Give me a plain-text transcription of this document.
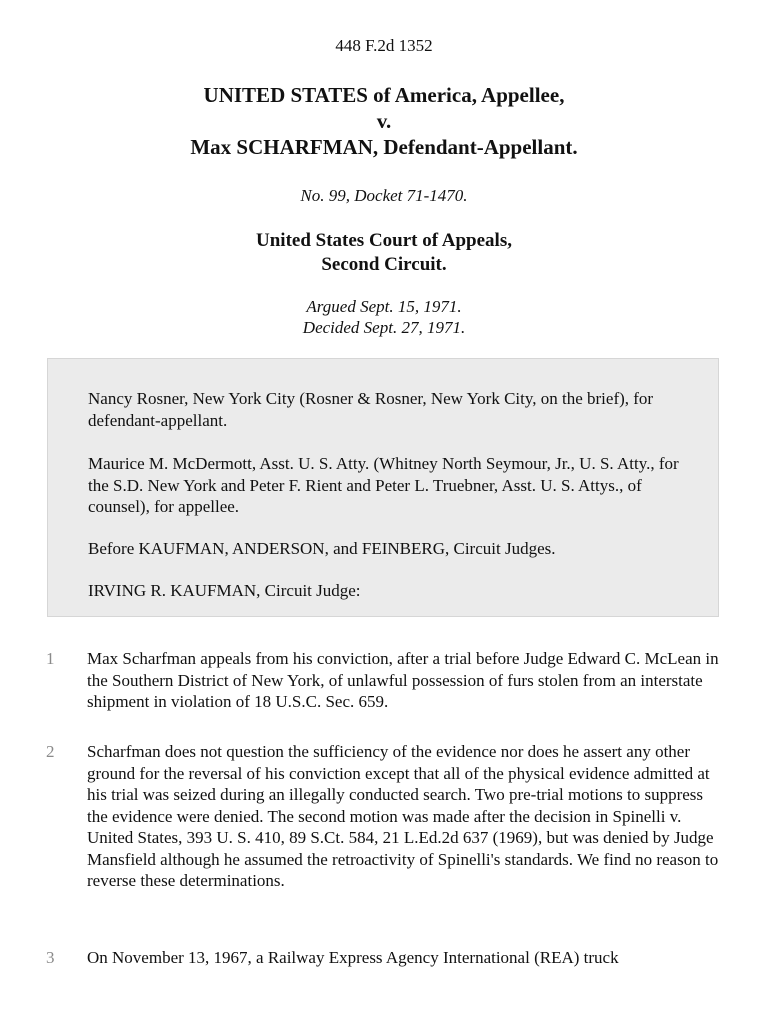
448 F.2d 1352
UNITED STATES of America, Appellee,
v.
Max SCHARFMAN, Defendant-Appellant.
No. 99, Docket 71-1470.
United States Court of Appeals,
Second Circuit.
Argued Sept. 15, 1971.
Decided Sept. 27, 1971.

Nancy Rosner, New York City (Rosner & Rosner, New York City, on the brief), for defendant-appellant.

Maurice M. McDermott, Asst. U. S. Atty. (Whitney North Seymour, Jr., U. S. Atty., for the S.D. New York and Peter F. Rient and Peter L. Truebner, Asst. U. S. Attys., of counsel), for appellee.

Before KAUFMAN, ANDERSON, and FEINBERG, Circuit Judges.

IRVING R. KAUFMAN, Circuit Judge:

1 Max Scharfman appeals from his conviction, after a trial before Judge Edward C. McLean in the Southern District of New York, of unlawful possession of furs stolen from an interstate shipment in violation of 18 U.S.C. Sec. 659.

2 Scharfman does not question the sufficiency of the evidence nor does he assert any other ground for the reversal of his conviction except that all of the physical evidence admitted at his trial was seized during an illegally conducted search. Two pre-trial motions to suppress the evidence were denied. The second motion was made after the decision in Spinelli v. United States, 393 U. S. 410, 89 S.Ct. 584, 21 L.Ed.2d 637 (1969), but was denied by Judge Mansfield although he assumed the retroactivity of Spinelli's standards. We find no reason to reverse these determinations.

3 On November 13, 1967, a Railway Express Agency International (REA) truck
